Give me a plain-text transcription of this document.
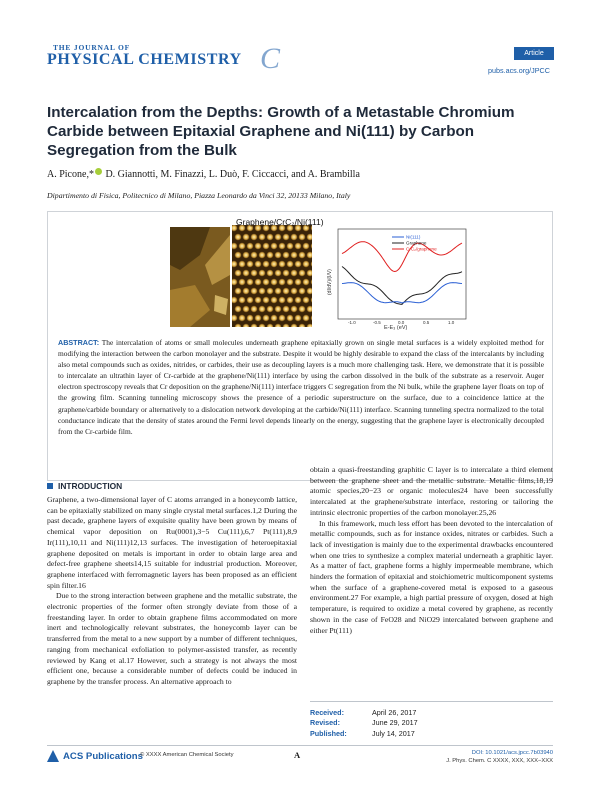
THE JOURNAL OF
PHYSICAL CHEMISTRY C	Article
pubs.acs.org/JPCC
Intercalation from the Depths: Growth of a Metastable Chromium Carbide between Epitaxial Graphene and Ni(111) by Carbon Segregation from the Bulk
A. Picone,* D. Giannotti, M. Finazzi, L. Duò, F. Ciccacci, and A. Brambilla
Dipartimento di Fisica, Politecnico di Milano, Piazza Leonardo da Vinci 32, 20133 Milano, Italy
Graphene/CrC₂/Ni(111)
(dI/dV)/(I/V)
-1.0	-0.5	0.0	0.5	1.0
E-E₃ (eV)
Ni(111)
Graphene
CrC₂/graphene
ABSTRACT: The intercalation of atoms or small molecules underneath graphene epitaxially grown on single metal surfaces is a widely exploited method for modifying the interaction between the carbon monolayer and the substrate. Despite it would be highly desirable to expand the class of the intercalants by including also metal compounds such as oxides, nitrides, or carbides, their use as decoupling layers is a much more challenging task. Here, we demonstrate that it is possible to intercalate an ultrathin layer of Cr-carbide at the graphene/Ni(111) interface by using the carbon dissolved in the bulk of the substrate as a reservoir. Auger electron spectroscopy reveals that Cr deposition on the graphene/Ni(111) interface triggers C segregation from the Ni bulk, while the graphene layer floats on top of the growing film. Scanning tunneling microscopy shows the presence of a periodic superstructure on the surface, due to a coincidence lattice at the graphene/carbide boundary or alternatively to a dislocation network developing at the carbide/Ni(111) interface. Scanning tunneling spectra normalized to the total conductance indicate that the density of states around the Fermi level depends linearly on the energy, suggesting that the graphene layer is electronically decoupled from the Cr-carbide film.
INTRODUCTION

Graphene, a two-dimensional layer of C atoms arranged in a honeycomb lattice, can be epitaxially stabilized on many single crystal metal surfaces.1,2 During the past decade, graphene layers of exquisite quality have been grown by means of chemical vapor deposition on Ru(0001),3−5 Cu(111),6,7 Pt(111),8,9 Ir(111),10,11 and Ni(111)12,13 surfaces. The investigation of heteroepitaxial graphene deposited on metals is important in order to obtain large area and defect-free graphene sheets14,15 suitable for industrial production. Moreover, graphene interfaced with ferromagnetic layers has been proposed as an efficient spin filter.16

Due to the strong interaction between graphene and the metallic substrate, the electronic properties of the former often strongly deviate from those of a freestanding layer. In order to obtain graphene films accommodated on more inert and technologically relevant substrates, the honeycomb layer can be transferred from the metal to a new support by a number of different techniques, ranging from mechanical exfoliation to polymer-assisted transfer, as recently reviewed by Kang et al.17 However, such a strategy is not always the most efficient one, because a considerable number of defects could be induced in graphene by the transfer process. An alternative approach to

obtain a quasi-freestanding graphitic C layer is to intercalate a third element between the graphene sheet and the metallic substrate. Metallic films,18,19 atomic species,20−23 or organic molecules24 have been successfully intercalated at the graphene/substrate interface, restoring or tailoring the intrinsic electronic properties of the carbon monolayer.25,26

In this framework, much less effort has been devoted to the intercalation of metallic compounds, such as for instance oxides, nitrates or carbides. Such a lack of investigation is mainly due to the experimental drawbacks encountered when one tries to synthesize a complex material underneath a graphitic layer. As a matter of fact, graphene forms a highly impermeable membrane, which hinders the formation of epitaxial and stoichiometric multicomponent systems when the surface of a graphene-covered metal is exposed to a gaseous environment.27 For example, a high partial pressure of oxygen, dosed at high temperature, is required to oxidize a metal covered by graphene, as recently shown in the case of FeO28 and NiO29 intercalated between graphene and either Pt(111)

Received:	April 26, 2017
Revised:	June 29, 2017
Published:	July 14, 2017
ACS Publications
© XXXX American Chemical Society	A	DOI: 10.1021/acs.jpcc.7b03940
J. Phys. Chem. C XXXX, XXX, XXX−XXX
